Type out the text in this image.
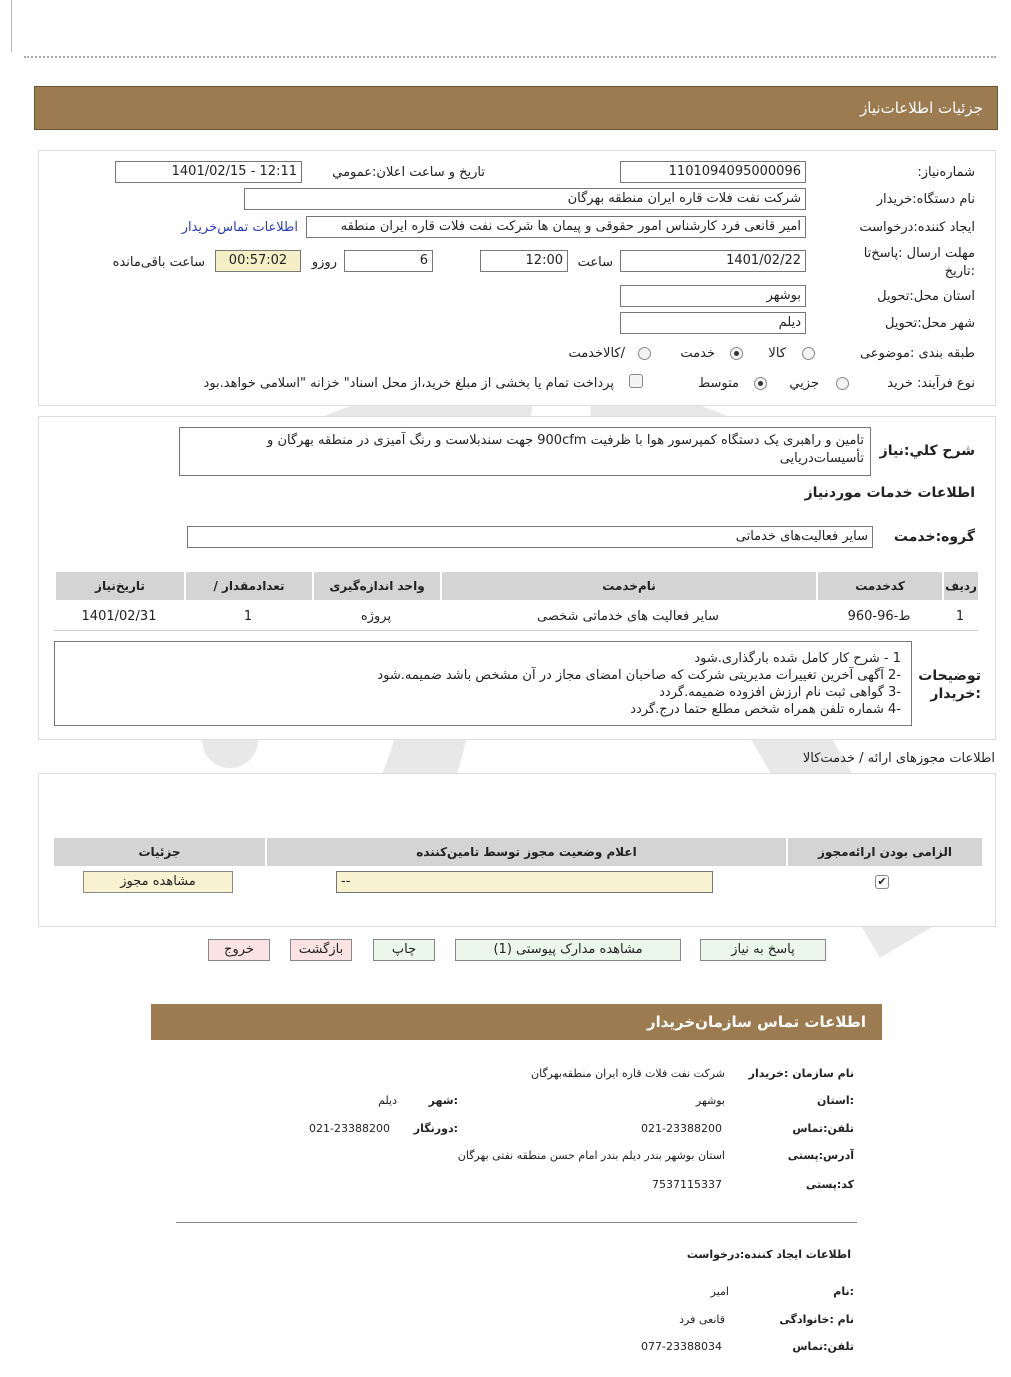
جزئیات اطلاعات‌نیاز
شماره‌نیاز:
1101094095000096
تاریخ و ساعت اعلان:عمومي
1401/02/15 - 12:11
نام دستگاه:خریدار
شرکت نفت فلات قاره ایران منطقه بهرگان
ایجاد کننده:درخواست
امیر قانعی فرد کارشناس امور حقوقی و پیمان ها شرکت نفت فلات قاره ایران منطقه
اطلاعات تماس‌خریدار
مهلت ارسال :پاسخ‌تا
:تاریخ
1401/02/22
ساعت
12:00
6
روزو
00:57:02
ساعت باقی‌مانده
استان محل:تحویل
بوشهر
شهر محل:تحویل
دیلم
طبقه بندی :موضوعی
کالا
خدمت
/کالاخدمت
نوع فرآیند: خرید
جزیي
متوسط
پرداخت تمام یا بخشی از مبلغ خرید،از محل اسناد" خزانه "اسلامی خواهد.بود
شرح کلي:نیاز
تامین و راهبری یک دستگاه کمپرسور هوا با ظرفیت 900cfm جهت سندبلاست و رنگ آمیزی در منطقه بهرگان و تأسیسات‌دریایی
اطلاعات خدمات موردنیاز
گروه:خدمت
سایر فعالیت‌های خدماتی
ردیف
کدخدمت
نام‌خدمت
واحد اندازه‌گیری
/ تعدادمقدار
تاریخ‌نیاز
1
ط-96-960
سایر فعالیت های خدماتی شخصی
پروژه
1
1401/02/31
توضیحات
:خریدار
1 - شرح کار کامل شده بارگذاری.شود
-2 آگهی آخرین تغییرات مدیریتی شرکت که صاحبان امضای مجاز در آن مشخص باشد ضمیمه.شود
-3 گواهی ثبت نام ارزش افزوده ضمیمه.گردد
-4 شماره تلفن همراه شخص مطلع حتما درج.گردد
اطلاعات مجوزهای ارائه / خدمت‌کالا
الزامی بودن ارائه‌مجوز
اعلام وضعیت مجوز توسط تامین‌کننده
جزئیات
✔
--
مشاهده مجوز
پاسخ به نیاز
مشاهده مدارک پیوستی (1)
چاپ
بازگشت
خروج
اطلاعات تماس سازمان‌خریدار
نام سازمان :خریدار
شرکت نفت فلات قاره ایران منطقه‌بهرگان
:استان
بوشهر
:شهر
دیلم
تلفن:تماس
021-23388200
:دورنگار
021-23388200
آدرس:پستی
استان بوشهر بندر دیلم بندر امام حسن منطقه نفتی بهرگان
کد:پستی
7537115337
اطلاعات ایجاد کننده:درخواست
:نام
امیر
نام :خانوادگی
قانعی فرد
تلفن:تماس
077-23388034
